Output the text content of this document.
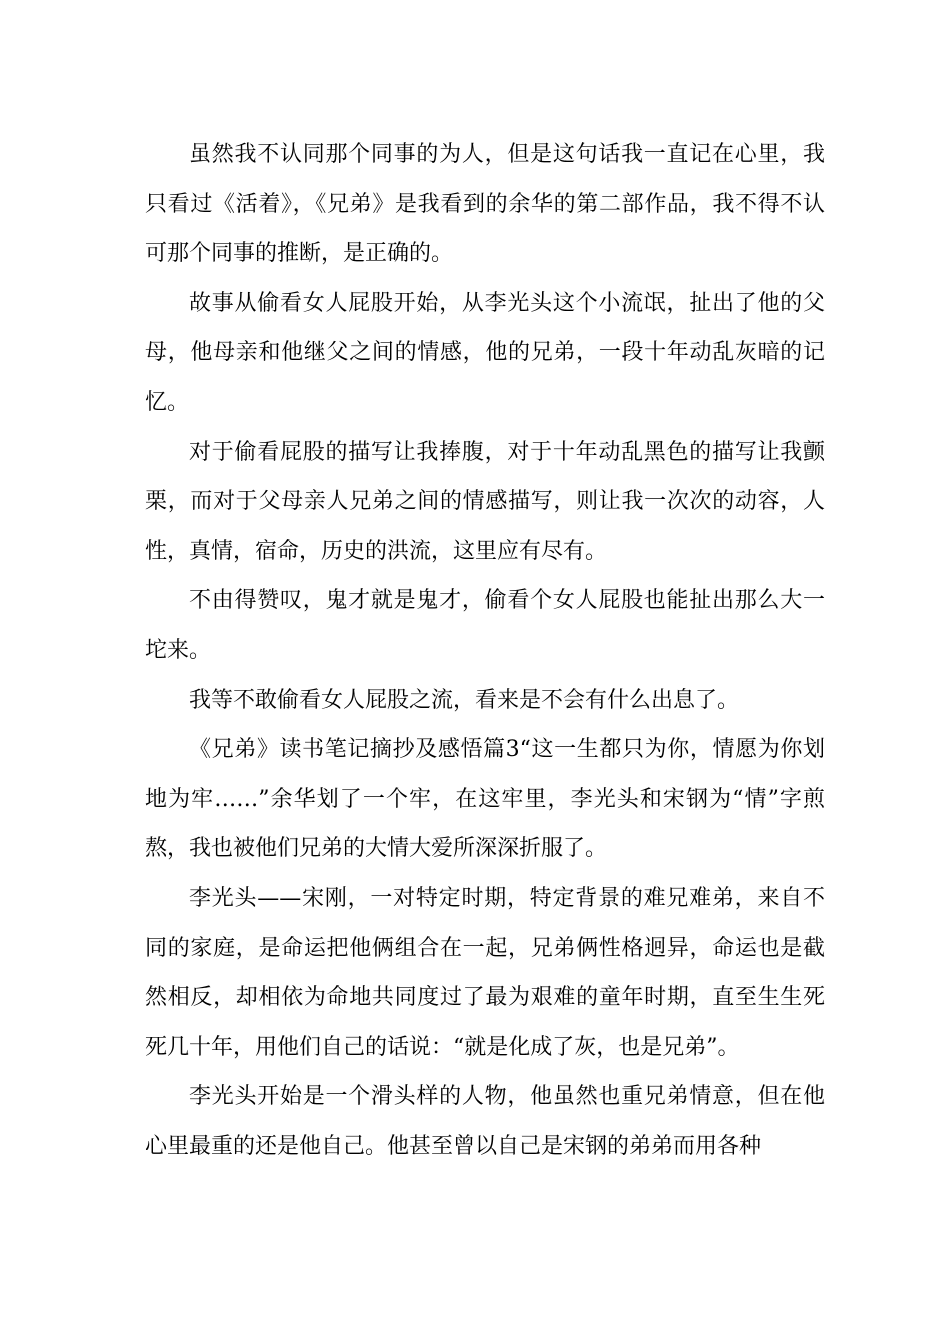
虽然我不认同那个同事的为人，但是这句话我一直记在心里，我只看过《活着》，《兄弟》是我看到的余华的第二部作品，我不得不认可那个同事的推断，是正确的。

故事从偷看女人屁股开始，从李光头这个小流氓，扯出了他的父母，他母亲和他继父之间的情感，他的兄弟，一段十年动乱灰暗的记忆。

对于偷看屁股的描写让我捧腹，对于十年动乱黑色的描写让我颤栗，而对于父母亲人兄弟之间的情感描写，则让我一次次的动容，人性，真情，宿命，历史的洪流，这里应有尽有。

不由得赞叹，鬼才就是鬼才，偷看个女人屁股也能扯出那么大一坨来。

我等不敢偷看女人屁股之流，看来是不会有什么出息了。

《兄弟》读书笔记摘抄及感悟篇3“这一生都只为你，情愿为你划地为牢……”余华划了一个牢，在这牢里，李光头和宋钢为“情”字煎熬，我也被他们兄弟的大情大爱所深深折服了。

李光头——宋刚，一对特定时期，特定背景的难兄难弟，来自不同的家庭，是命运把他俩组合在一起，兄弟俩性格迥异，命运也是截然相反，却相依为命地共同度过了最为艰难的童年时期，直至生生死死几十年，用他们自己的话说：“就是化成了灰，也是兄弟”。

李光头开始是一个滑头样的人物，他虽然也重兄弟情意，但在他心里最重的还是他自己。他甚至曾以自己是宋钢的弟弟而用各种
